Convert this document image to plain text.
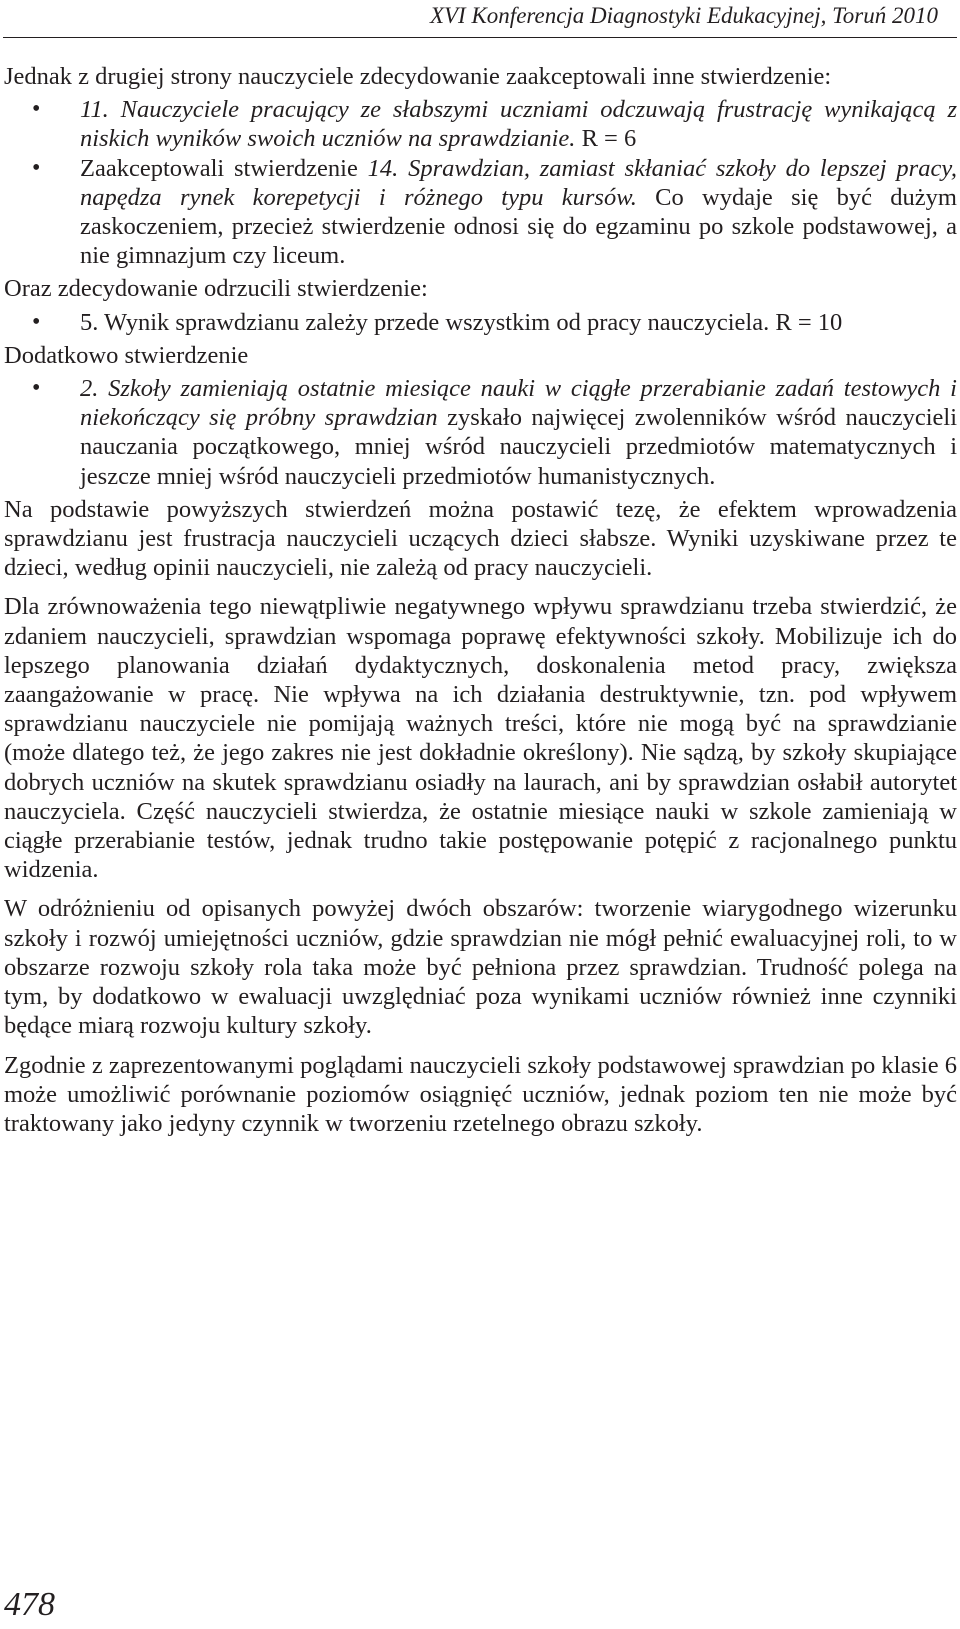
XVI Konferencja Diagnostyki Edukacyjnej, Toruń 2010

Jednak z drugiej strony nauczyciele zdecydowanie zaakceptowali inne stwierdzenie:

• 11. Nauczyciele pracujący ze słabszymi uczniami odczuwają frustrację wynikającą z niskich wyników swoich uczniów na sprawdzianie. R = 6
• Zaakceptowali stwierdzenie 14. Sprawdzian, zamiast skłaniać szkoły do lepszej pracy, napędza rynek korepetycji i różnego typu kursów. Co wydaje się być dużym zaskoczeniem, przecież stwierdzenie odnosi się do egzaminu po szkole podstawowej, a nie gimnazjum czy liceum.

Oraz zdecydowanie odrzucili stwierdzenie:

• 5. Wynik sprawdzianu zależy przede wszystkim od pracy nauczyciela. R = 10

Dodatkowo stwierdzenie

• 2. Szkoły zamieniają ostatnie miesiące nauki w ciągłe przerabianie zadań testowych i niekończący się próbny sprawdzian zyskało najwięcej zwolenników wśród nauczycieli nauczania początkowego, mniej wśród nauczycieli przedmiotów matematycznych i jeszcze mniej wśród nauczycieli przedmiotów humanistycznych.

Na podstawie powyższych stwierdzeń można postawić tezę, że efektem wprowadzenia sprawdzianu jest frustracja nauczycieli uczących dzieci słabsze. Wyniki uzyskiwane przez te dzieci, według opinii nauczycieli, nie zależą od pracy nauczycieli.

Dla zrównoważenia tego niewątpliwie negatywnego wpływu sprawdzianu trzeba stwierdzić, że zdaniem nauczycieli, sprawdzian wspomaga poprawę efektywności szkoły. Mobilizuje ich do lepszego planowania działań dydaktycznych, doskonalenia metod pracy, zwiększa zaangażowanie w pracę. Nie wpływa na ich działania destruktywnie, tzn. pod wpływem sprawdzianu nauczyciele nie pomijają ważnych treści, które nie mogą być na sprawdzianie (może dlatego też, że jego zakres nie jest dokładnie określony). Nie sądzą, by szkoły skupiające dobrych uczniów na skutek sprawdzianu osiadły na laurach, ani by sprawdzian osłabił autorytet nauczyciela. Część nauczycieli stwierdza, że ostatnie miesiące nauki w szkole zamieniają w ciągłe przerabianie testów, jednak trudno takie postępowanie potępić z racjonalnego punktu widzenia.

W odróżnieniu od opisanych powyżej dwóch obszarów: tworzenie wiarygodnego wizerunku szkoły i rozwój umiejętności uczniów, gdzie sprawdzian nie mógł pełnić ewaluacyjnej roli, to w obszarze rozwoju szkoły rola taka może być pełniona przez sprawdzian. Trudność polega na tym, by dodatkowo w ewaluacji uwzględniać poza wynikami uczniów również inne czynniki będące miarą rozwoju kultury szkoły.

Zgodnie z zaprezentowanymi poglądami nauczycieli szkoły podstawowej sprawdzian po klasie 6 może umożliwić porównanie poziomów osiągnięć uczniów, jednak poziom ten nie może być traktowany jako jedyny czynnik w tworzeniu rzetelnego obrazu szkoły.

478
